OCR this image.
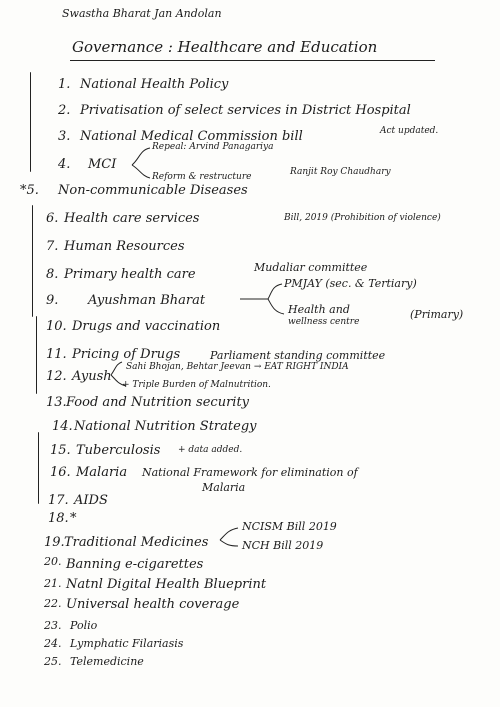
Swastha Bharat Jan Andolan
Governance : Healthcare and Education
1. National Health Policy
2. Privatisation of select services in District Hospital
3. National Medical Commission bill	Act updated.
4. MCI
Repeal: Arvind Panagariya
Reform & restructure	Ranjit Roy Chaudhary
*5. Non-communicable Diseases
6. Health care services	Bill, 2019 (Prohibition of violence)
7. Human Resources
8. Primary health care	Mudaliar committee
9. Ayushman Bharat
PMJAY (sec. & Tertiary)
Health and
wellness centre
(Primary)
10. Drugs and vaccination
11. Pricing of Drugs	Parliament standing committee
12. Ayush
Sahi Bhojan, Behtar Jeevan → EAT RIGHT INDIA
+ Triple Burden of Malnutrition.
13. Food and Nutrition security
14. National Nutrition Strategy
15. Tuberculosis + data added.
16. Malaria National Framework for elimination of
Malaria
17. AIDS
18. *
19. Traditional Medicines
NCISM Bill 2019
NCH Bill 2019
20. Banning e-cigarettes
21. Natnl Digital Health Blueprint
22. Universal health coverage
23. Polio
24. Lymphatic Filariasis
25. Telemedicine
